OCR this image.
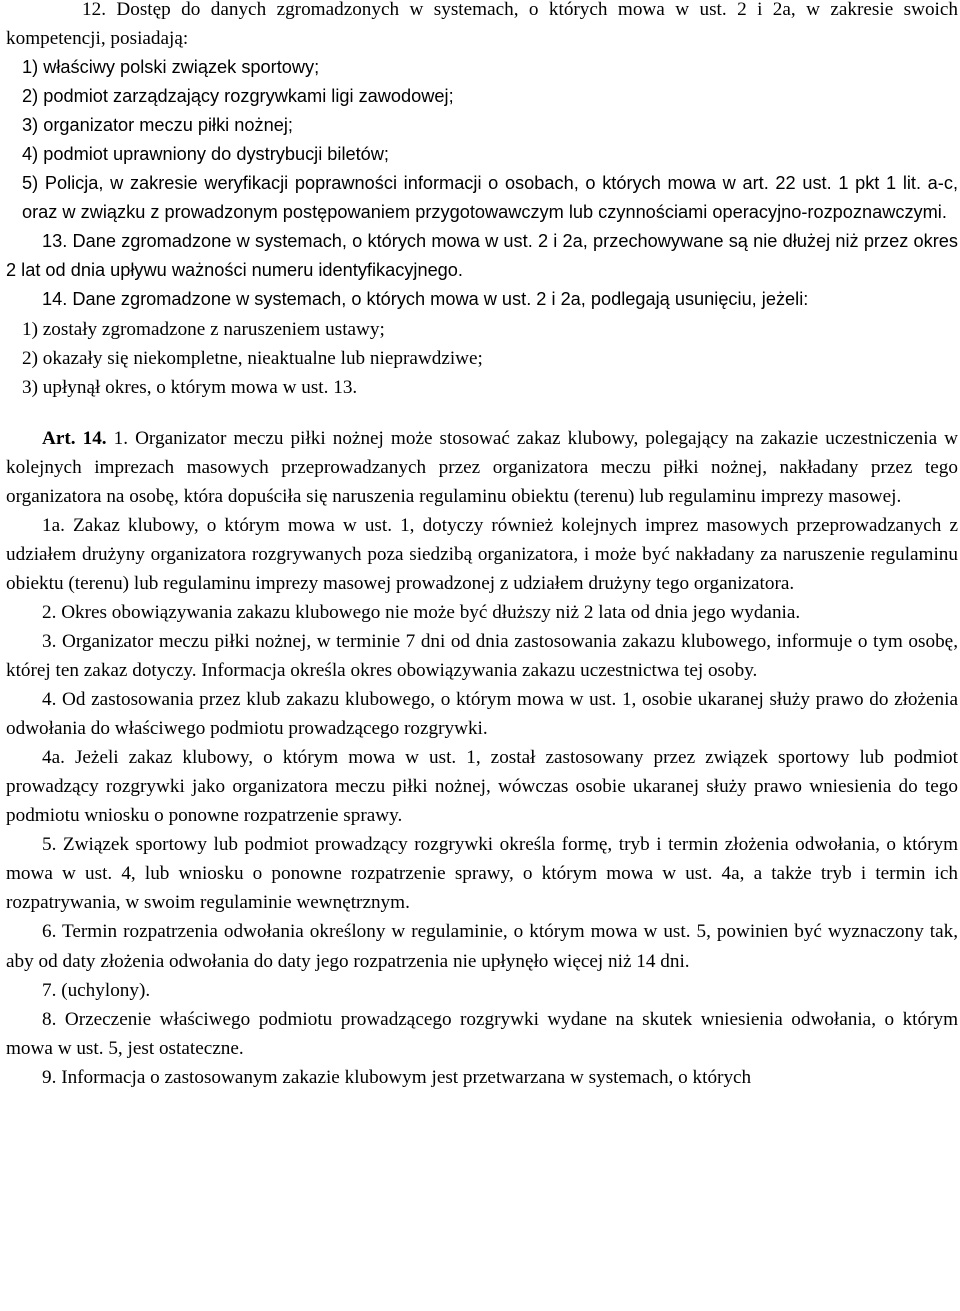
12. Dostęp do danych zgromadzonych w systemach, o których mowa w ust. 2 i 2a, w zakresie swoich kompetencji, posiadają:

1) właściwy polski związek sportowy;

2) podmiot zarządzający rozgrywkami ligi zawodowej;

3) organizator meczu piłki nożnej;

4) podmiot uprawniony do dystrybucji biletów;

5) Policja, w zakresie weryfikacji poprawności informacji o osobach, o których mowa w art. 22 ust. 1 pkt 1 lit. a-c, oraz w związku z prowadzonym postępowaniem przygotowawczym lub czynnościami operacyjno-rozpoznawczymi.

13. Dane zgromadzone w systemach, o których mowa w ust. 2 i 2a, przechowywane są nie dłużej niż przez okres 2 lat od dnia upływu ważności numeru identyfikacyjnego.

14. Dane zgromadzone w systemach, o których mowa w ust. 2 i 2a, podlegają usunięciu, jeżeli:

1) zostały zgromadzone z naruszeniem ustawy;

2) okazały się niekompletne, nieaktualne lub nieprawdziwe;

3) upłynął okres, o którym mowa w ust. 13.

Art. 14. 1. Organizator meczu piłki nożnej może stosować zakaz klubowy, polegający na zakazie uczestniczenia w kolejnych imprezach masowych przeprowadzanych przez organizatora meczu piłki nożnej, nakładany przez tego organizatora na osobę, która dopuściła się naruszenia regulaminu obiektu (terenu) lub regulaminu imprezy masowej.

1a. Zakaz klubowy, o którym mowa w ust. 1, dotyczy również kolejnych imprez masowych przeprowadzanych z udziałem drużyny organizatora rozgrywanych poza siedzibą organizatora, i może być nakładany za naruszenie regulaminu obiektu (terenu) lub regulaminu imprezy masowej prowadzonej z udziałem drużyny tego organizatora.

2. Okres obowiązywania zakazu klubowego nie może być dłuższy niż 2 lata od dnia jego wydania.

3. Organizator meczu piłki nożnej, w terminie 7 dni od dnia zastosowania zakazu klubowego, informuje o tym osobę, której ten zakaz dotyczy. Informacja określa okres obowiązywania zakazu uczestnictwa tej osoby.

4. Od zastosowania przez klub zakazu klubowego, o którym mowa w ust. 1, osobie ukaranej służy prawo do złożenia odwołania do właściwego podmiotu prowadzącego rozgrywki.

4a. Jeżeli zakaz klubowy, o którym mowa w ust. 1, został zastosowany przez związek sportowy lub podmiot prowadzący rozgrywki jako organizatora meczu piłki nożnej, wówczas osobie ukaranej służy prawo wniesienia do tego podmiotu wniosku o ponowne rozpatrzenie sprawy.

5. Związek sportowy lub podmiot prowadzący rozgrywki określa formę, tryb i termin złożenia odwołania, o którym mowa w ust. 4, lub wniosku o ponowne rozpatrzenie sprawy, o którym mowa w ust. 4a, a także tryb i termin ich rozpatrywania, w swoim regulaminie wewnętrznym.

6. Termin rozpatrzenia odwołania określony w regulaminie, o którym mowa w ust. 5, powinien być wyznaczony tak, aby od daty złożenia odwołania do daty jego rozpatrzenia nie upłynęło więcej niż 14 dni.

7. (uchylony).

8. Orzeczenie właściwego podmiotu prowadzącego rozgrywki wydane na skutek wniesienia odwołania, o którym mowa w ust. 5, jest ostateczne.

9. Informacja o zastosowanym zakazie klubowym jest przetwarzana w systemach, o których
